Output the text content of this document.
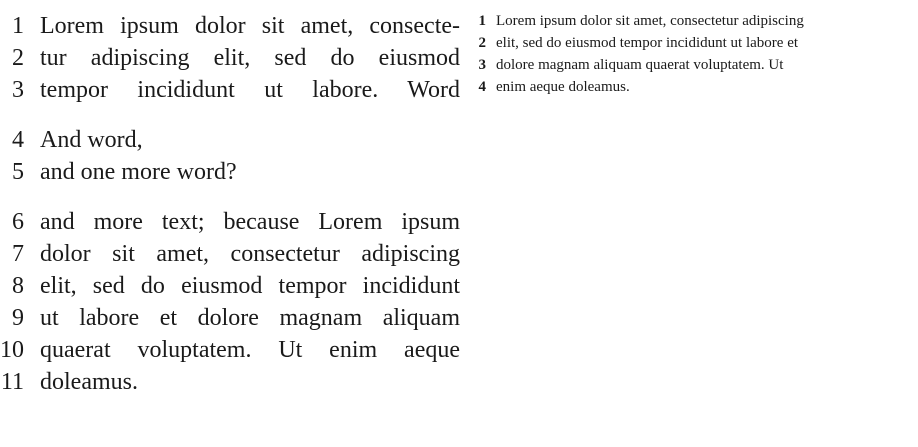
1 Lorem ipsum dolor sit amet, consecte-
2 tur adipiscing elit, sed do eiusmod
3 tempor incididunt ut labore. Word
4 And word,
5 and one more word?
6 and more text; because Lorem ipsum
7 dolor sit amet, consectetur adipiscing
8 elit, sed do eiusmod tempor incididunt
9 ut labore et dolore magnam aliquam
10 quaerat voluptatem. Ut enim aeque
11 doleamus.
1 Lorem ipsum dolor sit amet, consectetur adipiscing
2 elit, sed do eiusmod tempor incididunt ut labore et
3 dolore magnam aliquam quaerat voluptatem. Ut
4 enim aeque doleamus.
